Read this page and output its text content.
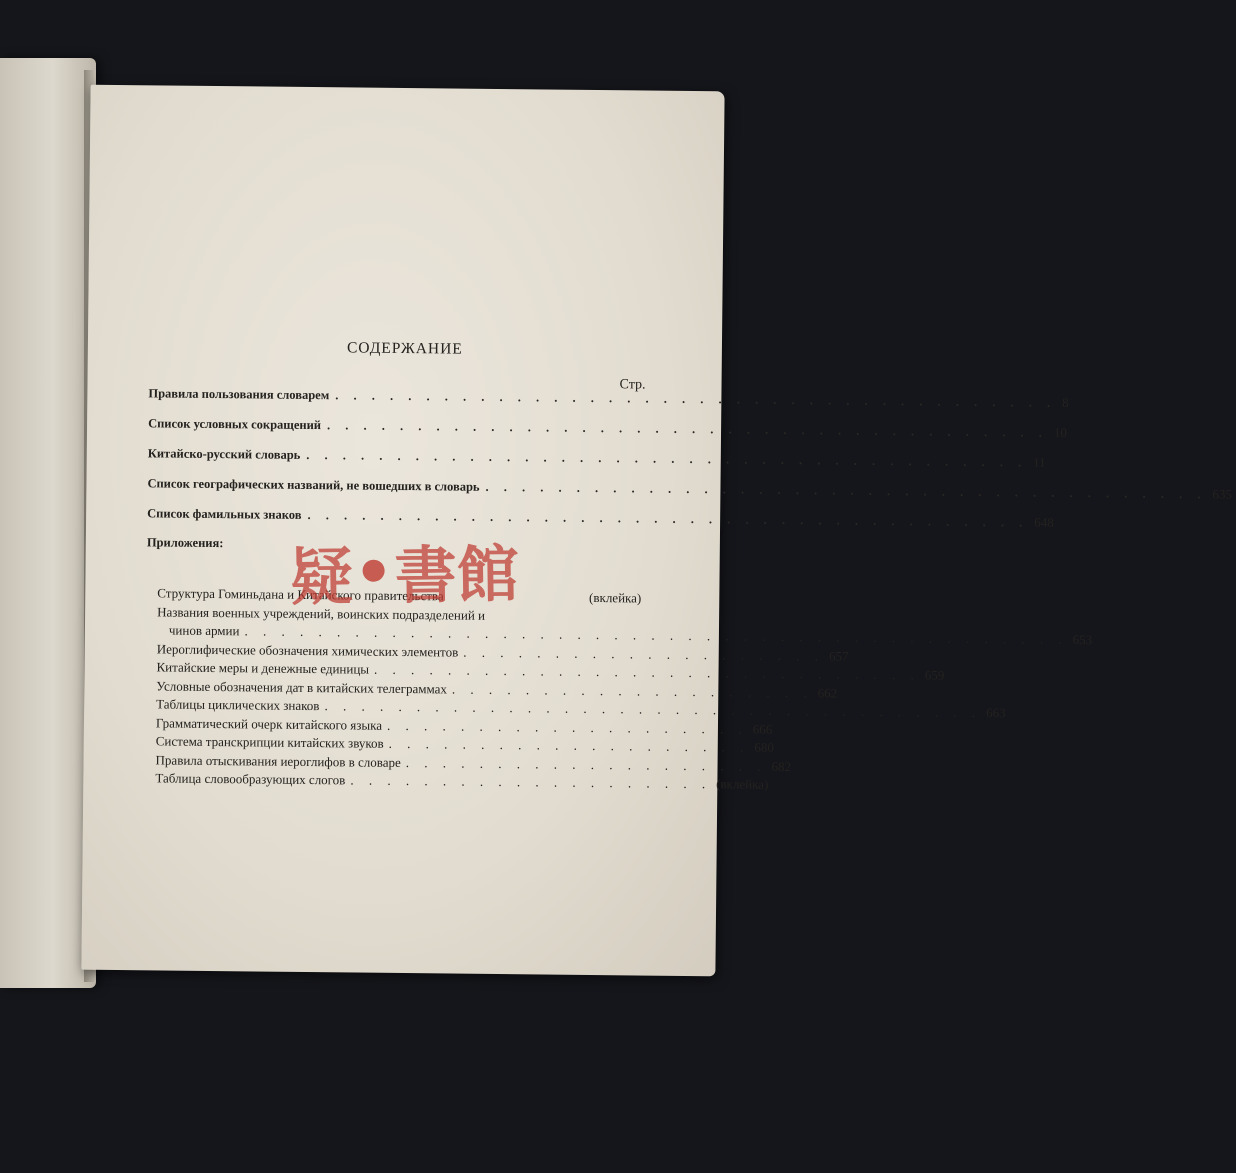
СОДЕРЖАНИЕ
Стр.
Правила пользования словарем . . . . . . . . . . . . . . . . . . . . . . . . . . . . . . . . . . . . . . . . 8
Список условных сокращений . . . . . . . . . . . . . . . . . . . . . . . . . . . . . . . . . . . . . . . . 10
Китайско-русский словарь . . . . . . . . . . . . . . . . . . . . . . . . . . . . . . . . . . . . . . . . 11
Список географических названий, не вошедших в словарь . . . . . . . . . . . . . . . . . . . . . . . . . . . . . . . . . . . . . . . . 635
Список фамильных знаков . . . . . . . . . . . . . . . . . . . . . . . . . . . . . . . . . . . . . . . . 648
Приложения:
Структура Гоминьдана и Китайского правительства	(вклейка)
Названия военных учреждений, воинских подразделений и
чинов армии . . . . . . . . . . . . . . . . . . . . . . . . . . . . . . . . . . . . . . . . . . . . . 653
Иероглифические обозначения химических элементов . . . . . . . . . . . . . . . . . . . . 657
Китайские меры и денежные единицы . . . . . . . . . . . . . . . . . . . . . . . . . . . . . . 659
Условные обозначения дат в китайских телеграммах . . . . . . . . . . . . . . . . . . . . 662
Таблицы циклических знаков . . . . . . . . . . . . . . . . . . . . . . . . . . . . . . . . . . . . 663
Грамматический очерк китайского языка . . . . . . . . . . . . . . . . . . . . 666
Система транскрипции китайских звуков . . . . . . . . . . . . . . . . . . . . 680
Правила отыскивания иероглифов в словаре . . . . . . . . . . . . . . . . . . . . 682
Таблица словообразующих слогов . . . . . . . . . . . . . . . . . . . . (вклейка)
疑 書館
